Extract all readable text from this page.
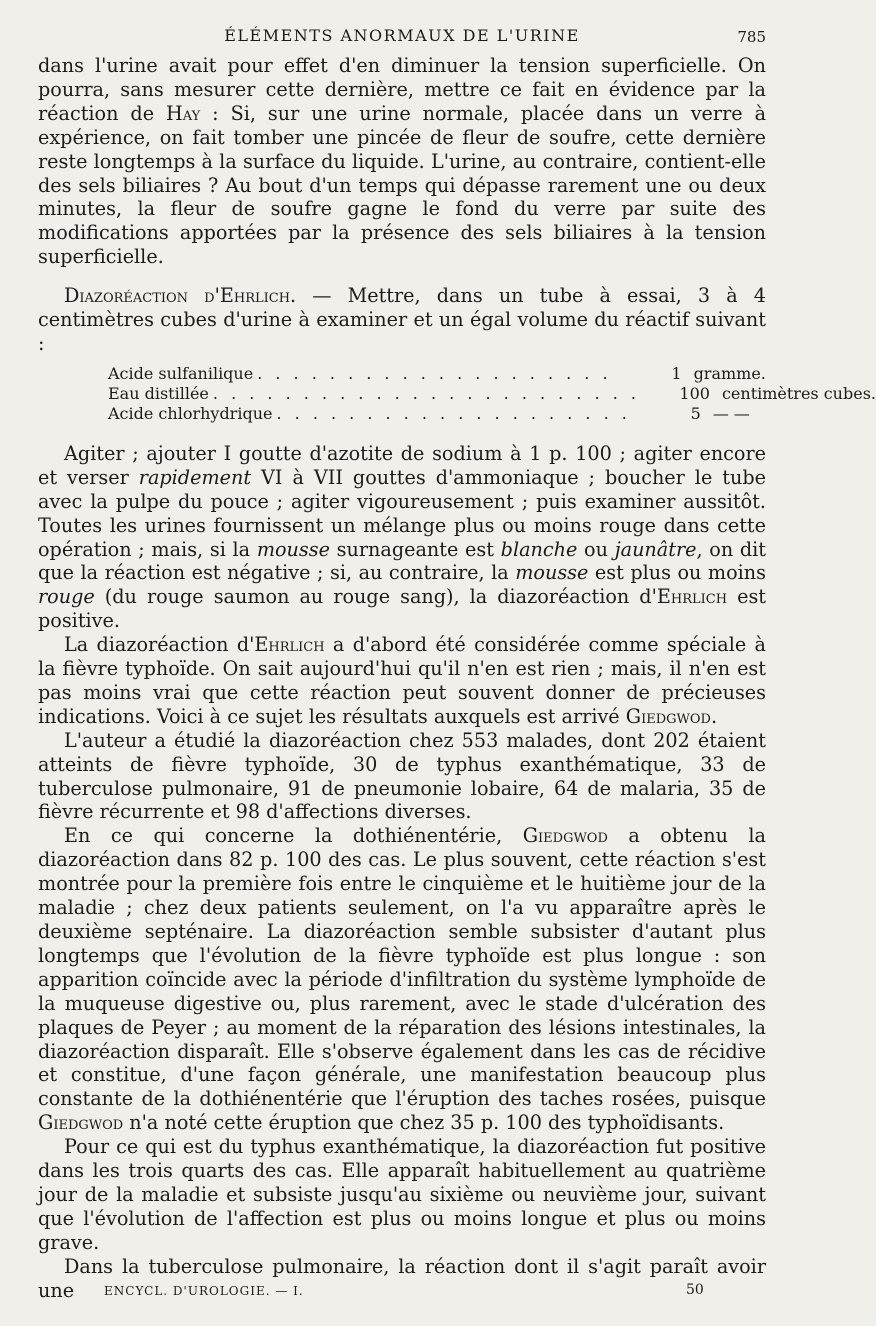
ÉLÉMENTS ANORMAUX DE L'URINE	785

dans l'urine avait pour effet d'en diminuer la tension superficielle. On pourra, sans mesurer cette dernière, mettre ce fait en évidence par la réaction de Hay : Si, sur une urine normale, placée dans un verre à expérience, on fait tomber une pincée de fleur de soufre, cette dernière reste longtemps à la surface du liquide. L'urine, au contraire, contient-elle des sels biliaires ? Au bout d'un temps qui dépasse rarement une ou deux minutes, la fleur de soufre gagne le fond du verre par suite des modifications apportées par la présence des sels biliaires à la tension superficielle.

Diazoréaction d'Ehrlich. — Mettre, dans un tube à essai, 3 à 4 centimètres cubes d'urine à examiner et un égal volume du réactif suivant :

Acide sulfanilique . . . . . . . . . . . . . . . . . . . .	1 gramme.
Eau distillée . . . . . . . . . . . . . . . . . . . . . . . .	100 centimètres cubes.
Acide chlorhydrique . . . . . . . . . . . . . . . . . . . .	5 — —

Agiter ; ajouter I goutte d'azotite de sodium à 1 p. 100 ; agiter encore et verser rapidement VI à VII gouttes d'ammoniaque ; boucher le tube avec la pulpe du pouce ; agiter vigoureusement ; puis examiner aussitôt. Toutes les urines fournissent un mélange plus ou moins rouge dans cette opération ; mais, si la mousse surnageante est blanche ou jaunâtre, on dit que la réaction est négative ; si, au contraire, la mousse est plus ou moins rouge (du rouge saumon au rouge sang), la diazoréaction d'Ehrlich est positive.

La diazoréaction d'Ehrlich a d'abord été considérée comme spéciale à la fièvre typhoïde. On sait aujourd'hui qu'il n'en est rien ; mais, il n'en est pas moins vrai que cette réaction peut souvent donner de précieuses indications. Voici à ce sujet les résultats auxquels est arrivé Giedgwod.

L'auteur a étudié la diazoréaction chez 553 malades, dont 202 étaient atteints de fièvre typhoïde, 30 de typhus exanthématique, 33 de tuberculose pulmonaire, 91 de pneumonie lobaire, 64 de malaria, 35 de fièvre récurrente et 98 d'affections diverses.

En ce qui concerne la dothiénentérie, Giedgwod a obtenu la diazoréaction dans 82 p. 100 des cas. Le plus souvent, cette réaction s'est montrée pour la première fois entre le cinquième et le huitième jour de la maladie ; chez deux patients seulement, on l'a vu apparaître après le deuxième septénaire. La diazoréaction semble subsister d'autant plus longtemps que l'évolution de la fièvre typhoïde est plus longue : son apparition coïncide avec la période d'infiltration du système lymphoïde de la muqueuse digestive ou, plus rarement, avec le stade d'ulcération des plaques de Peyer ; au moment de la réparation des lésions intestinales, la diazoréaction disparaît. Elle s'observe également dans les cas de récidive et constitue, d'une façon générale, une manifestation beaucoup plus constante de la dothiénentérie que l'éruption des taches rosées, puisque Giedgwod n'a noté cette éruption que chez 35 p. 100 des typhoïdisants.

Pour ce qui est du typhus exanthématique, la diazoréaction fut positive dans les trois quarts des cas. Elle apparaît habituellement au quatrième jour de la maladie et subsiste jusqu'au sixième ou neuvième jour, suivant que l'évolution de l'affection est plus ou moins longue et plus ou moins grave.

Dans la tuberculose pulmonaire, la réaction dont il s'agit paraît avoir une	ENCYCL. D'UROLOGIE. — I.	50
